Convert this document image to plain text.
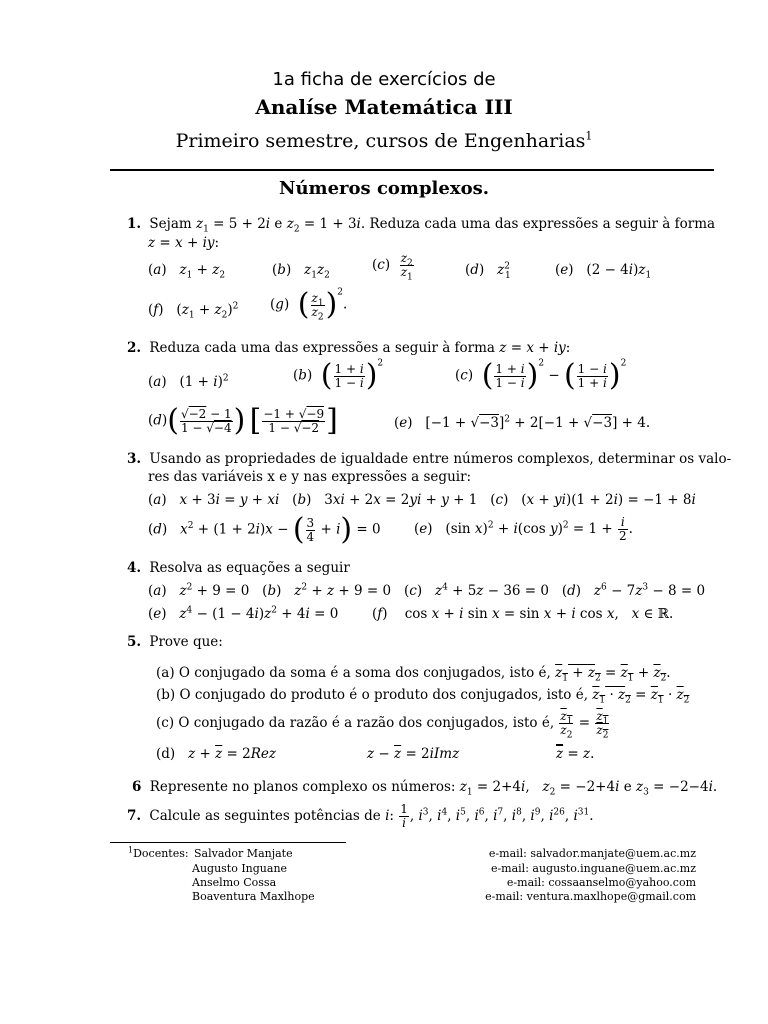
1a ficha de exercícios de
Analíse Matemática III
Primeiro semestre, cursos de Engenharias$^1$
Números complexos.
1. Sejam $z_1 = 5 + 2i$ e $z_2 = 1 + 3i$. Reduza cada uma das expressões a seguir à forma
z = x + iy:
(a)   $z_1 + z_2$	(b)   $z_1z_2$
$(c) \frac{z_2}{z_1}$	(d)   $z^2_1$	(e)   $(2 - 4i)z_1$
(f)   $(z_1 + z_2)^2$ (g)  ( $\frac{z_1}{z_2} )^2$.
2. Reduza cada uma das expressões a seguir à forma z = x + iy:
(a)   $(1 + i)^2$	(b)  ( $\frac{1 + i}{1 - i} )^2$
(c)  ( $\frac{1 + i}{1 - i} )^2$ − ( $\frac{1 - i}{1 + i} )^2$
$(d)( \frac{√-2 - 1}{1 - √-4}$ ) [ $\frac{-1 + √-9}{1 - √-2}$ ]	(e)   $[-1 + √-3]^2 + 2[-1 + √-3] + 4$.
3. Usando as propriedades de igualdade entre números complexos, determinar os valo-
res das variáveis x e y nas expressões a seguir:
(a)   x + 3i = y + xi   (b)   3xi + 2x = 2yi + y + 1   (c)   (x + yi)(1 + 2i) = −1 + 8i
(d)   $x^2 + (1 + 2i)x$ − ( $\frac{3}{4} + i) = 0$ (e)   (sin x)$^2$ + i(cos $y)^2 = 1 + \frac{i}{2}$ .
4. Resolva as equações a seguir
(a)   $z^2 + 9 = 0$   (b)   $z^2 + z + 9 = 0$   (c)   $z^4 + 5z - 36 = 0$   (d)   $z^6 - 7z^3 - 8 = 0$
(e)   $z^4 - (1 - 4i)z^2 + 4i = 0$ (f)    cos x + i sin x = sin x + i cos x,   x ∈ ℝ.
5. Prove que:
(a) O conjugado da soma é a soma dos conjugados, isto é, $z_1 + z_2 = z_1 + z_2$.
(b) O conjugado do produto é o produto dos conjugados, isto é, $z_1 \cdot z_2 = z_1 \cdot z_2$
(c) O conjugado da razão é a razão dos conjugados, isto é, $\frac{z_1}{z_2} = \frac{z_1}{z_2}$
(d) $z + \overline{z} = 2Rez$	$z - \overline{z}$ = 2iImz	$\overline{z} = z$.
6 Represente no planos complexo os números: $z_1 = 2+4i$,   $z_2 = -2+4i$ e $z_3 = -2-4i$.
7. Calcule as seguintes potências de i: $\frac{1}{i}$ , $i^3$, $i^4$, $i^5$, $i^6$, $i^7$, $i^8$, $i^9$, $i^{26}$, $i^{31}$.
$^1$Docentes: Salvador Manjate
Augusto Inguane
Anselmo Cossa
Boaventura Maxlhope
e-mail: salvador.manjate@uem.ac.mz
e-mail: augusto.inguane@uem.ac.mz
e-mail: cossaanselmo@yahoo.com
e-mail: ventura.maxlhope@gmail.com
